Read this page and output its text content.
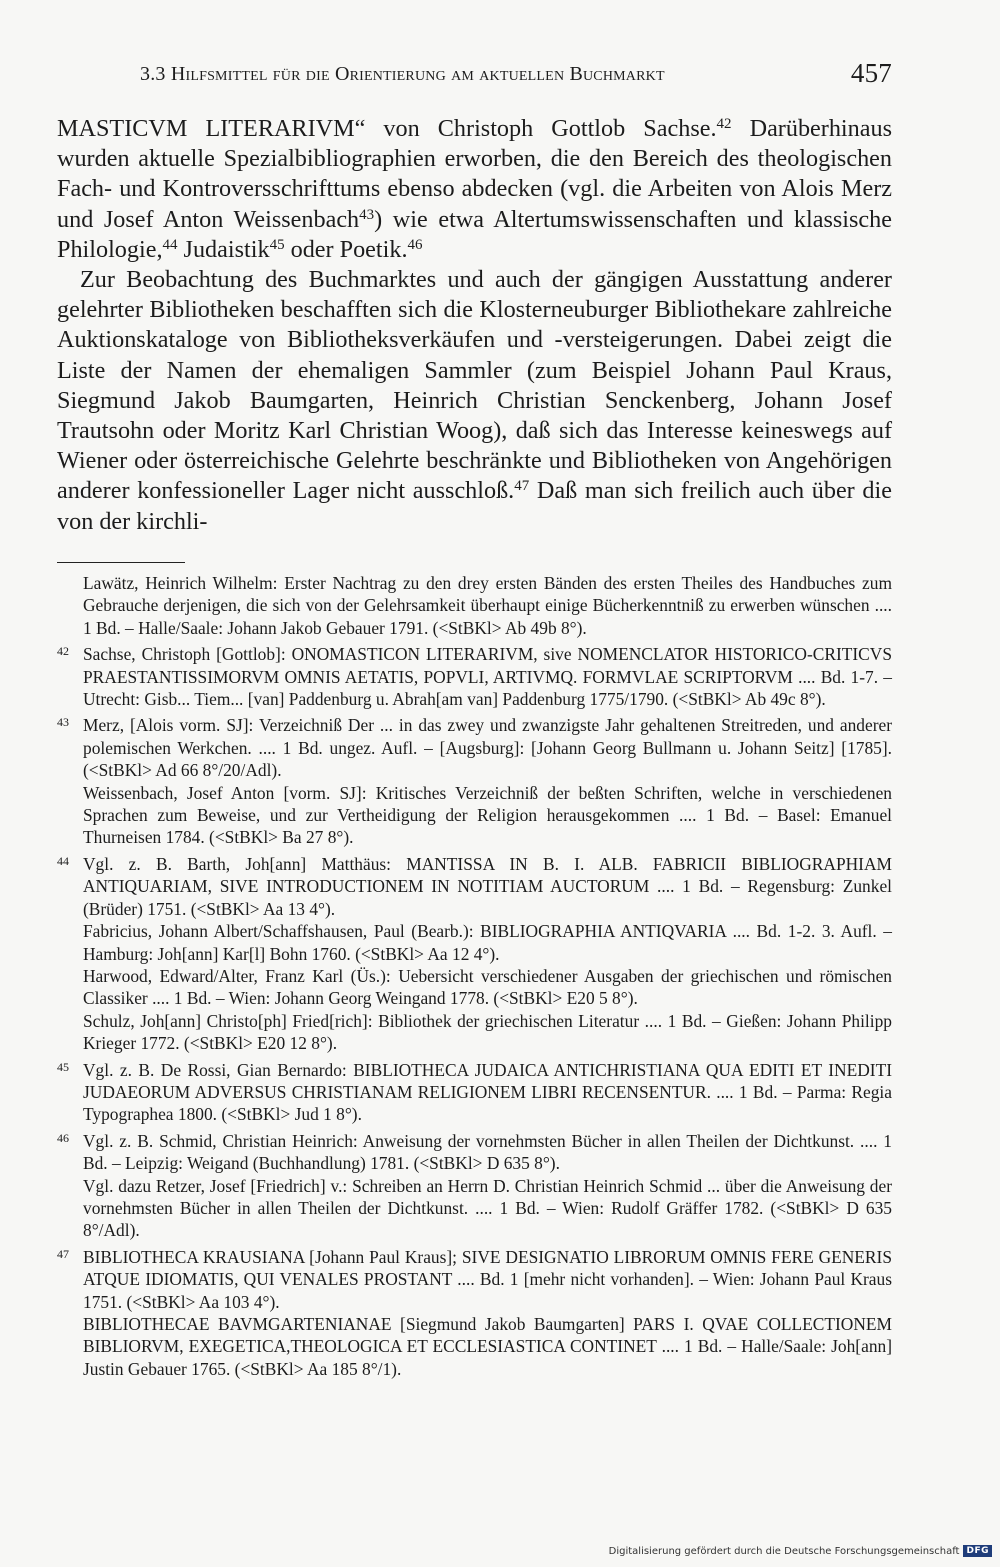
3.3 Hilfsmittel für die Orientierung am aktuellen Buchmarkt	457

MASTICVM LITERARIVM“ von Christoph Gottlob Sachse.$^{42}$ Darüberhinaus wurden aktuelle Spezialbibliographien erworben, die den Bereich des theologischen Fach- und Kontroversschrifttums ebenso abdecken (vgl. die Arbeiten von Alois Merz und Josef Anton Weissenbach$^{43}$) wie etwa Altertumswissenschaften und klassische Philologie,$^{44}$ Judaistik$^{45}$ oder Poetik.$^{46}$

Zur Beobachtung des Buchmarktes und auch der gängigen Ausstattung anderer gelehrter Bibliotheken beschafften sich die Klosterneuburger Bibliothekare zahlreiche Auktionskataloge von Bibliotheksverkäufen und -versteigerungen. Dabei zeigt die Liste der Namen der ehemaligen Sammler (zum Beispiel Johann Paul Kraus, Siegmund Jakob Baumgarten, Heinrich Christian Senckenberg, Johann Josef Trautsohn oder Moritz Karl Christian Woog), daß sich das Interesse keineswegs auf Wiener oder österreichische Gelehrte beschränkte und Bibliotheken von Angehörigen anderer konfessioneller Lager nicht ausschloß.$^{47}$ Daß man sich freilich auch über die von der kirchli-

Lawätz, Heinrich Wilhelm: Erster Nachtrag zu den drey ersten Bänden des ersten Theiles des Handbuches zum Gebrauche derjenigen, die sich von der Gelehrsamkeit überhaupt einige Bücherkenntniß zu erwerben wünschen .... 1 Bd. – Halle/Saale: Johann Jakob Gebauer 1791. (<StBKl> Ab 49b 8°).

42 Sachse, Christoph [Gottlob]: ONOMASTICON LITERARIVM, sive NOMENCLATOR HISTORICO-CRITICVS PRAESTANTISSIMORVM OMNIS AETATIS, POPVLI, ARTIVMQ. FORMVLAE SCRIPTORVM .... Bd. 1-7. – Utrecht: Gisb... Tiem... [van] Paddenburg u. Abrah[am van] Paddenburg 1775/1790. (<StBKl> Ab 49c 8°).

43 Merz, [Alois vorm. SJ]: Verzeichniß Der ... in das zwey und zwanzigste Jahr gehaltenen Streitreden, und anderer polemischen Werkchen. .... 1 Bd. ungez. Aufl. – [Augsburg]: [Johann Georg Bullmann u. Johann Seitz] [1785]. (<StBKl> Ad 66 8°/20/Adl).

Weissenbach, Josef Anton [vorm. SJ]: Kritisches Verzeichniß der beßten Schriften, welche in verschiedenen Sprachen zum Beweise, und zur Vertheidigung der Religion herausgekommen .... 1 Bd. – Basel: Emanuel Thurneisen 1784. (<StBKl> Ba 27 8°).

44 Vgl. z. B. Barth, Joh[ann] Matthäus: MANTISSA IN B. I. ALB. FABRICII BIBLIOGRAPHIAM ANTIQUARIAM, SIVE INTRODUCTIONEM IN NOTITIAM AUCTORUM .... 1 Bd. – Regensburg: Zunkel (Brüder) 1751. (<StBKl> Aa 13 4°).

Fabricius, Johann Albert/Schaffshausen, Paul (Bearb.): BIBLIOGRAPHIA ANTIQVARIA .... Bd. 1-2. 3. Aufl. – Hamburg: Joh[ann] Kar[l] Bohn 1760. (<StBKl> Aa 12 4°).

Harwood, Edward/Alter, Franz Karl (Üs.): Uebersicht verschiedener Ausgaben der griechischen und römischen Classiker .... 1 Bd. – Wien: Johann Georg Weingand 1778. (<StBKl> E20 5 8°).

Schulz, Joh[ann] Christo[ph] Fried[rich]: Bibliothek der griechischen Literatur .... 1 Bd. – Gießen: Johann Philipp Krieger 1772. (<StBKl> E20 12 8°).

45 Vgl. z. B. De Rossi, Gian Bernardo: BIBLIOTHECA JUDAICA ANTICHRISTIANA QUA EDITI ET INEDITI JUDAEORUM ADVERSUS CHRISTIANAM RELIGIONEM LIBRI RECENSENTUR. .... 1 Bd. – Parma: Regia Typographea 1800. (<StBKl> Jud 1 8°).

46 Vgl. z. B. Schmid, Christian Heinrich: Anweisung der vornehmsten Bücher in allen Theilen der Dichtkunst. .... 1 Bd. – Leipzig: Weigand (Buchhandlung) 1781. (<StBKl> D 635 8°).

Vgl. dazu Retzer, Josef [Friedrich] v.: Schreiben an Herrn D. Christian Heinrich Schmid ... über die Anweisung der vornehmsten Bücher in allen Theilen der Dichtkunst. .... 1 Bd. – Wien: Rudolf Gräffer 1782. (<StBKl> D 635 8°/Adl).

47 BIBLIOTHECA KRAUSIANA [Johann Paul Kraus]; SIVE DESIGNATIO LIBRORUM OMNIS FERE GENERIS ATQUE IDIOMATIS, QUI VENALES PROSTANT .... Bd. 1 [mehr nicht vorhanden]. – Wien: Johann Paul Kraus 1751. (<StBKl> Aa 103 4°).

BIBLIOTHECAE BAVMGARTENIANAE [Siegmund Jakob Baumgarten] PARS I. QVAE COLLECTIONEM BIBLIORVM, EXEGETICA,THEOLOGICA ET ECCLESIASTICA CONTINET .... 1 Bd. – Halle/Saale: Joh[ann] Justin Gebauer 1765. (<StBKl> Aa 185 8°/1).

Digitalisierung gefördert durch die Deutsche Forschungsgemeinschaft DFG
